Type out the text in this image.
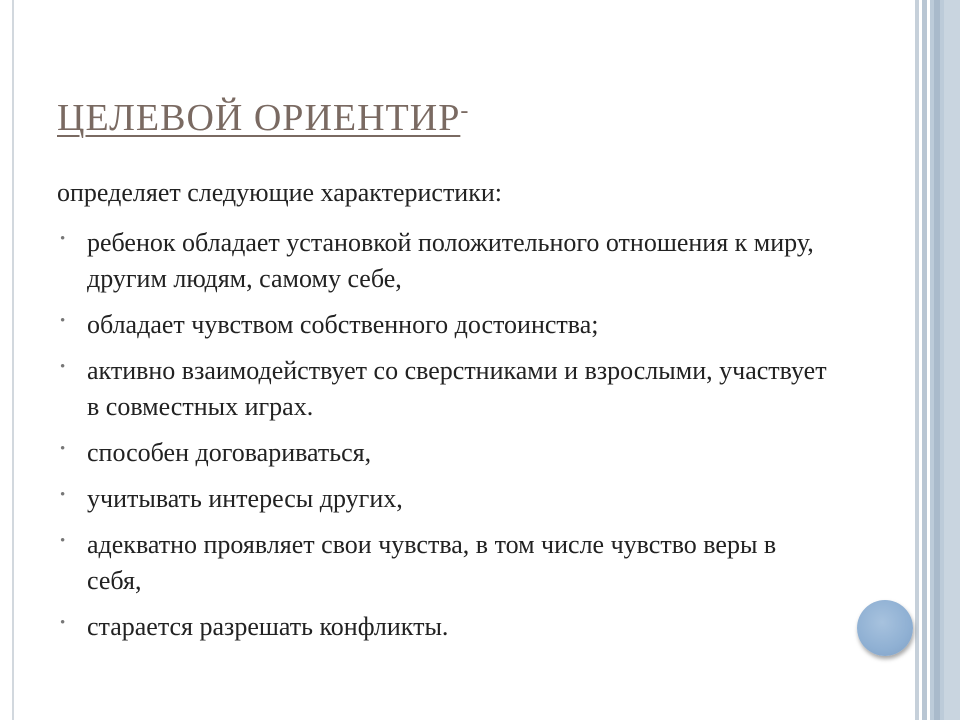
ЦЕЛЕВОЙ ОРИЕНТИР-

определяет следующие характеристики:

• ребенок обладает установкой положительного отношения к миру, другим людям, самому себе,
• обладает чувством собственного достоинства;
• активно взаимодействует со сверстниками и взрослыми, участвует в совместных играх.
• способен договариваться,
• учитывать интересы других,
• адекватно проявляет свои чувства, в том числе чувство веры в себя,
• старается разрешать конфликты.
